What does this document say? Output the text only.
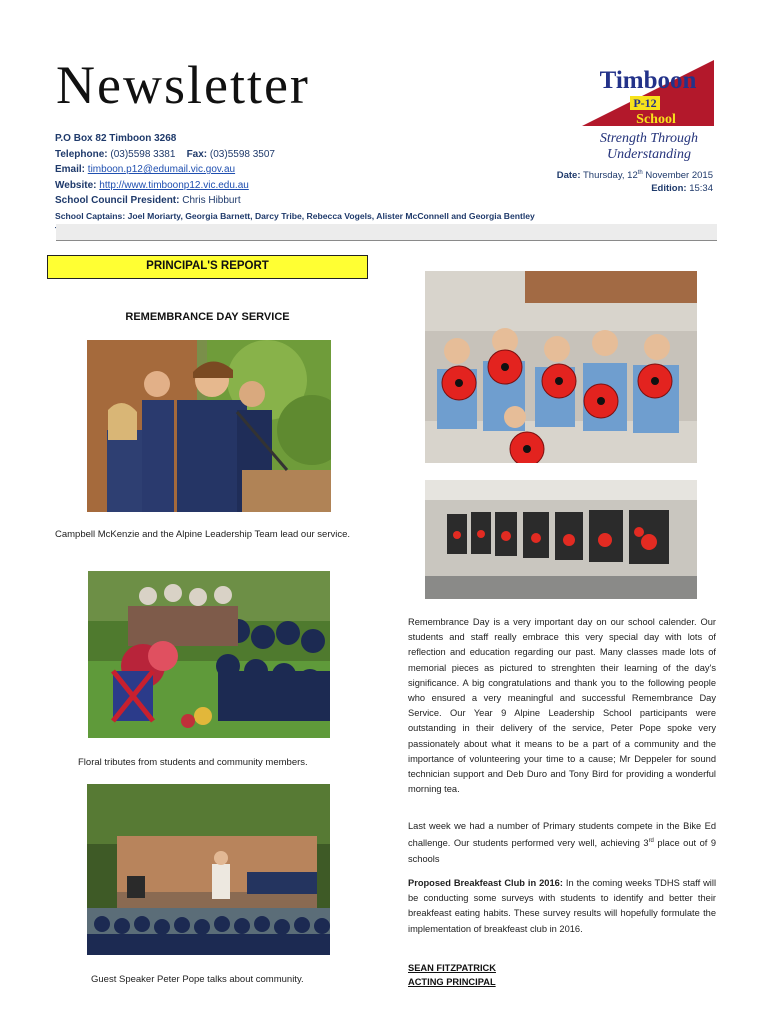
Newsletter
P.O Box 82 Timboon 3268
Telephone: (03)5598 3381 Fax: (03)5598 3507
Email: timboon.p12@edumail.vic.gov.au
Website: http://www.timboonp12.vic.edu.au
School Council President: Chris Hibburt
School Captains: Joel Moriarty, Georgia Barnett, Darcy Tribe, Rebecca Vogels, Alister McConnell and Georgia Bentley
Timboon
P-12
School
Strength Through
Understanding
Date: Thursday, 12th November 2015
Edition: 15:34
PRINCIPAL'S REPORT
REMEMBRANCE DAY SERVICE
Campbell McKenzie and the Alpine Leadership Team lead our service.
Floral tributes from students and community members.
Guest Speaker Peter Pope talks about community.
Remembrance Day is a very important day on our school calender. Our students and staff really embrace this very special day with lots of reflection and education regarding our past. Many classes made lots of memorial pieces as pictured to strenghten their learning of the day's significance. A big congratulations and thank you to the following people who ensured a very meaningful and successful Remembrance Day Service. Our Year 9 Alpine Leadership School participants were outstanding in their delivery of the service, Peter Pope spoke very passionately about what it means to be a part of a community and the importance of volunteering your time to a cause; Mr Deppeler for sound technician support and Deb Duro and Tony Bird for providing a wonderful morning tea.
Last week we had a number of Primary students compete in the Bike Ed challenge. Our students performed very well, achieving 3rd place out of 9 schools
Proposed Breakfeast Club in 2016: In the coming weeks TDHS staff will be conducting some surveys with students to identify and better their breakfeast eating habits. These survey results will hopefully formulate the implementation of breakfeast club in 2016.
SEAN FITZPATRICK
ACTING PRINCIPAL
